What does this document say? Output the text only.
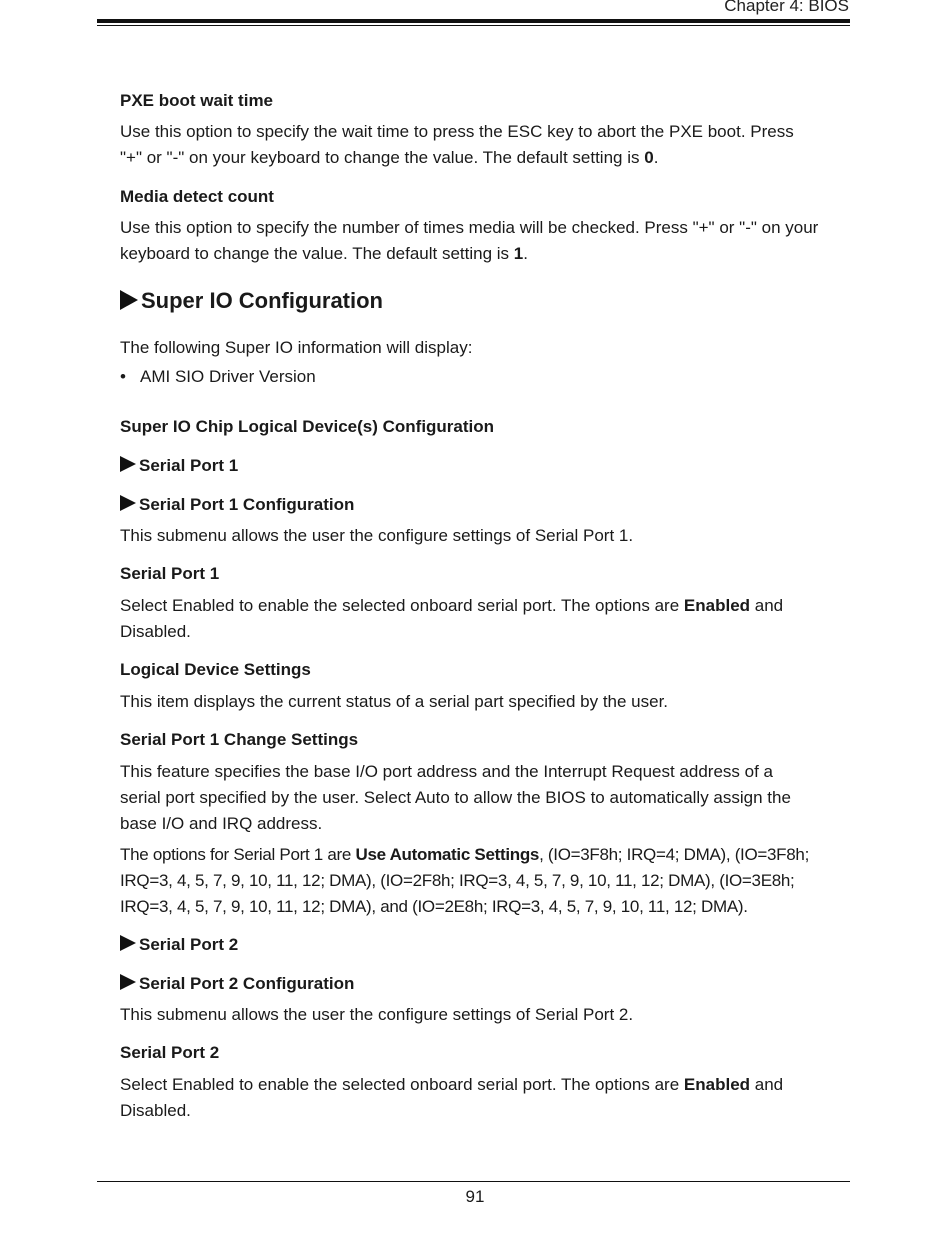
Chapter 4: BIOS

PXE boot wait time

Use this option to specify the wait time to press the ESC key to abort the PXE boot. Press

"+" or "-" on your keyboard to change the value. The default setting is 0.

Media detect count

Use this option to specify the number of times media will be checked. Press "+" or "-" on your

keyboard to change the value. The default setting is 1.

Super IO Configuration

The following Super IO information will display:

• AMI SIO Driver Version

Super IO Chip Logical Device(s) Configuration

Serial Port 1

Serial Port 1 Configuration

This submenu allows the user the configure settings of Serial Port 1.

Serial Port 1

Select Enabled to enable the selected onboard serial port. The options are Enabled and

Disabled.

Logical Device Settings

This item displays the current status of a serial part specified by the user.

Serial Port 1 Change Settings

This feature specifies the base I/O port address and the Interrupt Request address of a

serial port specified by the user. Select Auto to allow the BIOS to automatically assign the

base I/O and IRQ address.

The options for Serial Port 1 are Use Automatic Settings, (IO=3F8h; IRQ=4; DMA), (IO=3F8h;

IRQ=3, 4, 5, 7, 9, 10, 11, 12; DMA), (IO=2F8h; IRQ=3, 4, 5, 7, 9, 10, 11, 12; DMA), (IO=3E8h;

IRQ=3, 4, 5, 7, 9, 10, 11, 12; DMA), and (IO=2E8h; IRQ=3, 4, 5, 7, 9, 10, 11, 12; DMA).

Serial Port 2

Serial Port 2 Configuration

This submenu allows the user the configure settings of Serial Port 2.

Serial Port 2

Select Enabled to enable the selected onboard serial port. The options are Enabled and

Disabled.

91
